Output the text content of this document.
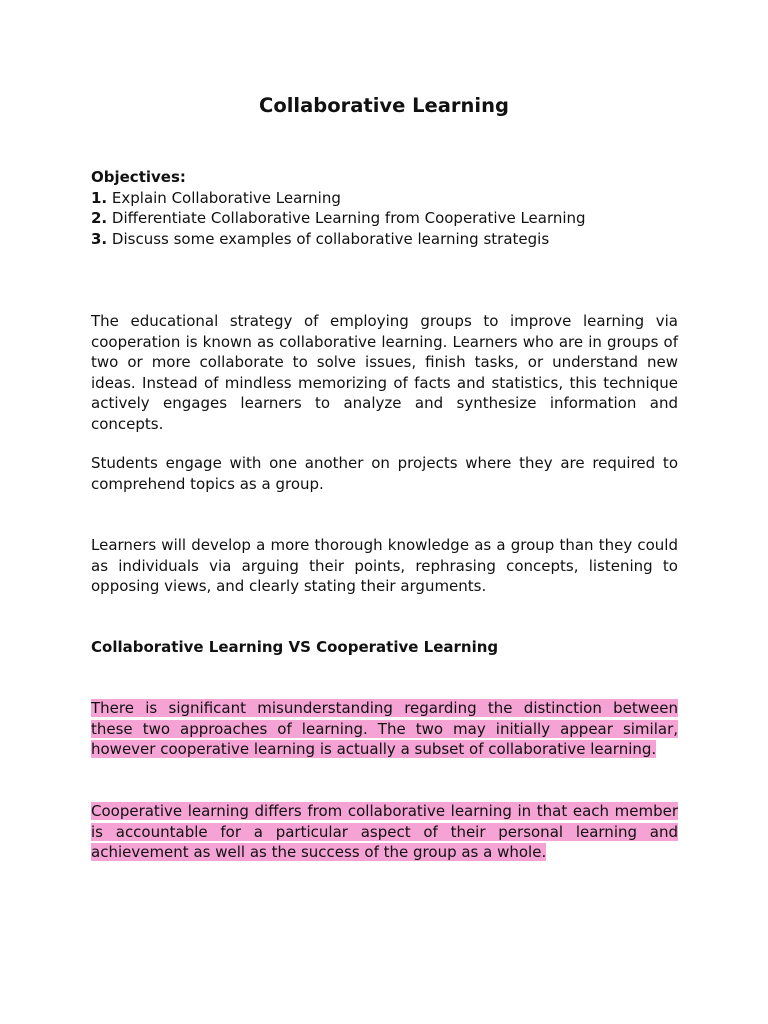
Collaborative Learning

Objectives:

1. Explain Collaborative Learning

2. Differentiate Collaborative Learning from Cooperative Learning

3. Discuss some examples of collaborative learning strategis

The educational strategy of employing groups to improve learning via cooperation is known as collaborative learning. Learners who are in groups of two or more collaborate to solve issues, finish tasks, or understand new ideas. Instead of mindless memorizing of facts and statistics, this technique actively engages learners to analyze and synthesize information and concepts.

Students engage with one another on projects where they are required to comprehend topics as a group.

Learners will develop a more thorough knowledge as a group than they could as individuals via arguing their points, rephrasing concepts, listening to opposing views, and clearly stating their arguments.

Collaborative Learning VS Cooperative Learning

There is significant misunderstanding regarding the distinction between these two approaches of learning. The two may initially appear similar, however cooperative learning is actually a subset of collaborative learning.

Cooperative learning differs from collaborative learning in that each member is accountable for a particular aspect of their personal learning and achievement as well as the success of the group as a whole.
